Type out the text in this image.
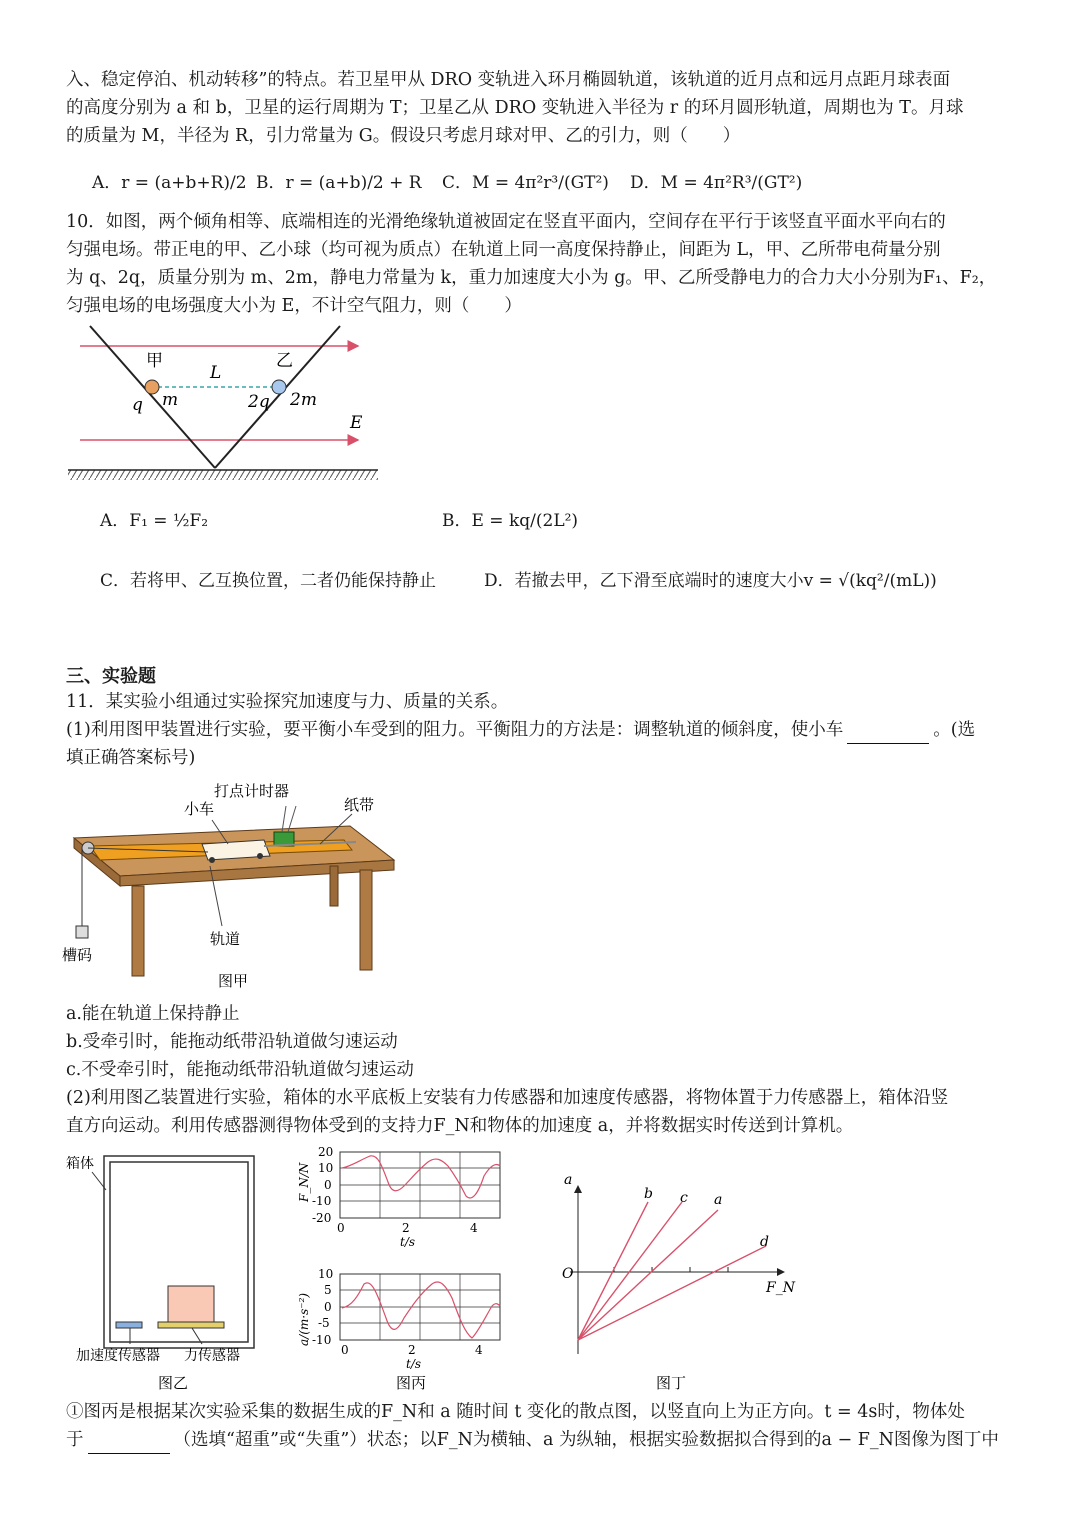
入、稳定停泊、机动转移”的特点。若卫星甲从 DRO 变轨进入环月椭圆轨道，该轨道的近月点和远月点距月球表面
的高度分别为 a 和 b，卫星的运行周期为 T；卫星乙从 DRO 变轨进入半径为 r 的环月圆形轨道，周期也为 T。月球
的质量为 M，半径为 R，引力常量为 G。假设只考虑月球对甲、乙的引力，则（　　）
A．r = (a+b+R)/2 B．r = (a+b)/2 + R C．M = 4π²r³/(GT²) D．M = 4π²R³/(GT²)
10．如图，两个倾角相等、底端相连的光滑绝缘轨道被固定在竖直平面内，空间存在平行于该竖直平面水平向右的
匀强电场。带正电的甲、乙小球（均可视为质点）在轨道上同一高度保持静止，间距为 L，甲、乙所带电荷量分别
为 q、2q，质量分别为 m、2m，静电力常量为 k，重力加速度大小为 g。甲、乙所受静电力的合力大小分别为F₁、F₂，
匀强电场的电场强度大小为 E，不计空气阻力，则（　　）
甲	乙
L
q m	2q 2m
E
A．F₁ = ½F₂	B．E = kq/(2L²)
C．若将甲、乙互换位置，二者仍能保持静止	D．若撤去甲，乙下滑至底端时的速度大小v = √(kq²/(mL))
三、实验题
11．某实验小组通过实验探究加速度与力、质量的关系。
(1)利用图甲装置进行实验，要平衡小车受到的阻力。平衡阻力的方法是：调整轨道的倾斜度，使小车	。(选
填正确答案标号)
打点计时器
小车	纸带
轨道
槽码
图甲
a.能在轨道上保持静止
b.受牵引时，能拖动纸带沿轨道做匀速运动
c.不受牵引时，能拖动纸带沿轨道做匀速运动
(2)利用图乙装置进行实验，箱体的水平底板上安装有力传感器和加速度传感器，将物体置于力传感器上，箱体沿竖
直方向运动。利用传感器测得物体受到的支持力F_N和物体的加速度 a，并将数据实时传送到计算机。
箱体
加速度传感器 力传感器
图乙
20
10
0
-10
-20
0	2	4
t/s
F_N/N
10
5
0
-5
-10
0	2	4
t/s
a/(m·s⁻²)
图丙
a
F_N
O
b c a
d
图丁
①图丙是根据某次实验采集的数据生成的F_N和 a 随时间 t 变化的散点图，以竖直向上为正方向。t = 4s时，物体处
于	（选填“超重”或“失重”）状态；以F_N为横轴、a 为纵轴，根据实验数据拟合得到的a − F_N图像为图丁中
